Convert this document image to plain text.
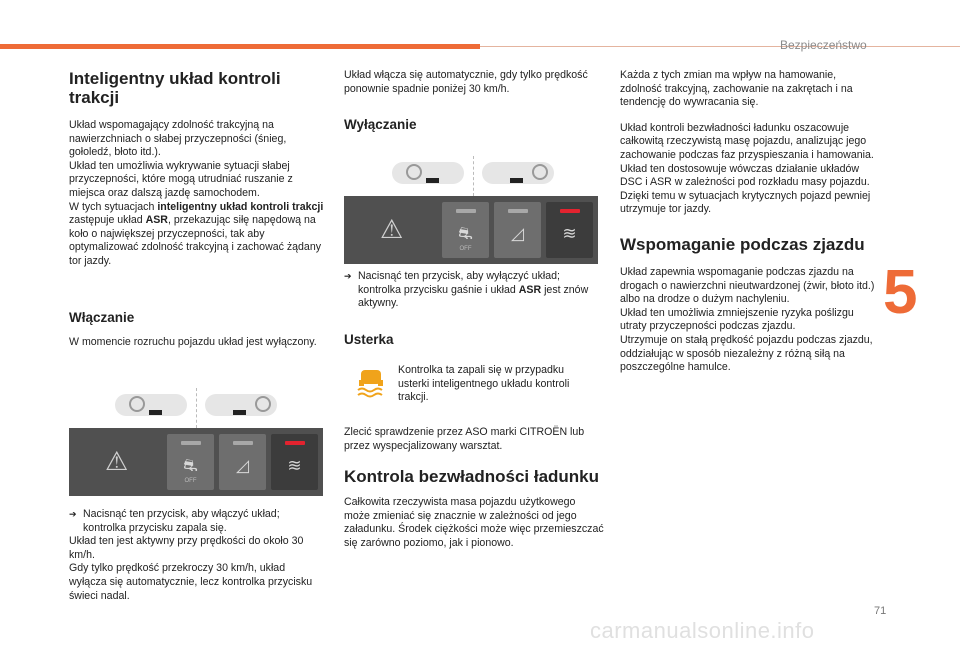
Bezpieczeństwo
5
71
carmanualsonline.info
Inteligentny układ kontroli trakcji

Układ wspomagający zdolność trakcyjną na nawierzchniach o słabej przyczepności (śnieg, gołoledź, błoto itd.).

Układ ten umożliwia wykrywanie sytuacji słabej przyczepności, które mogą utrudniać ruszanie z miejsca oraz dalszą jazdę samochodem.

W tych sytuacjach inteligentny układ kontroli trakcji zastępuje układ ASR, przekazując siłę napędową na koło o największej przyczepności, tak aby optymalizować zdolność trakcyjną i zachować żądany tor jazdy.

Włączanie

W momencie rozruchu pojazdu układ jest wyłączony.

⚠	⛐
OFF
◿	≋
➔ Nacisnąć ten przycisk, aby włączyć układ; kontrolka przycisku zapala się.

Układ ten jest aktywny przy prędkości do około 30 km/h.

Gdy tylko prędkość przekroczy 30 km/h, układ wyłącza się automatycznie, lecz kontrolka przycisku świeci nadal.

Układ włącza się automatycznie, gdy tylko prędkość ponownie spadnie poniżej 30 km/h.

Wyłączanie
⚠	⛐
OFF
◿	≋
➔ Nacisnąć ten przycisk, aby wyłączyć układ; kontrolka przycisku gaśnie i układ ASR jest znów aktywny.
Usterka

Kontrolka ta zapali się w przypadku usterki inteligentnego układu kontroli trakcji.

Zlecić sprawdzenie przez ASO marki CITROËN lub przez wyspecjalizowany warsztat.

Kontrola bezwładności ładunku

Całkowita rzeczywista masa pojazdu użytkowego może zmieniać się znacznie w zależności od jego załadunku. Środek ciężkości może więc przemieszczać się zarówno poziomo, jak i pionowo.

Każda z tych zmian ma wpływ na hamowanie, zdolność trakcyjną, zachowanie na zakrętach i na tendencję do wywracania się.

Układ kontroli bezwładności ładunku oszacowuje całkowitą rzeczywistą masę pojazdu, analizując jego zachowanie podczas faz przyspieszania i hamowania.

Układ ten dostosowuje wówczas działanie układów DSC i ASR w zależności pod rozkładu masy pojazdu. Dzięki temu w sytuacjach krytycznych pojazd pewniej utrzymuje tor jazdy.

Wspomaganie podczas zjazdu

Układ zapewnia wspomaganie podczas zjazdu na drogach o nawierzchni nieutwardzonej (żwir, błoto itd.) albo na drodze o dużym nachyleniu.

Układ ten umożliwia zmniejszenie ryzyka poślizgu utraty przyczepności podczas zjazdu.

Utrzymuje on stałą prędkość pojazdu podczas zjazdu, oddziałując w sposób niezależny z różną siłą na poszczególne hamulce.
